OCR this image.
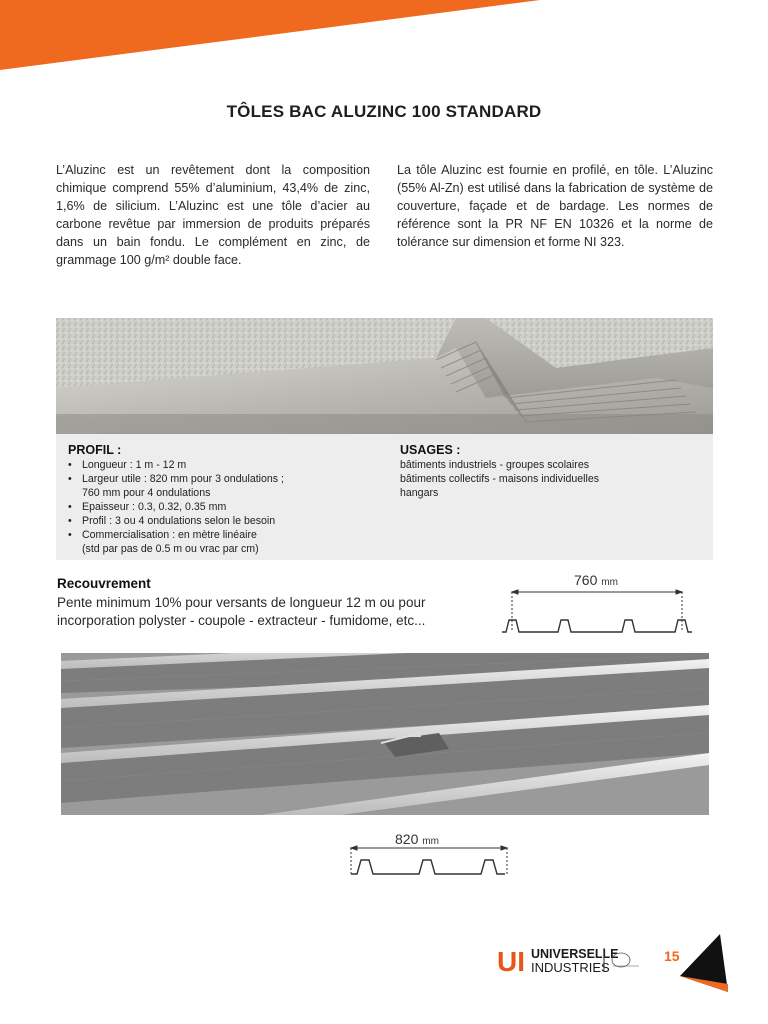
TÔLES BAC ALUZINC 100 STANDARD
L’Aluzinc est un revêtement dont la composition chimique comprend 55% d’aluminium, 43,4% de zinc, 1,6% de silicium. L’Aluzinc est une tôle d’acier au carbone revêtue par immersion de produits préparés dans un bain fondu. Le complément en zinc, de grammage 100 g/m² double face.
La tôle Aluzinc est fournie en profilé, en tôle. L’Aluzinc (55% Al-Zn) est utilisé dans la fabrication de système de couverture, façade et de bardage. Les normes de référence sont la PR NF EN 10326 et la norme de tolérance sur dimension et forme NI 323.
PROFIL :
• Longueur : 1 m - 12 m
• Largeur utile : 820 mm pour 3 ondulations ;
760 mm pour 4 ondulations
• Epaisseur : 0.3, 0.32, 0.35 mm
• Profil : 3 ou 4 ondulations selon le besoin
• Commercialisation : en mètre linéaire
(std par pas de 0.5 m ou vrac par cm)
USAGES :
bâtiments industriels - groupes scolaires
bâtiments collectifs - maisons individuelles
hangars
Recouvrement
Pente minimum 10% pour versants de longueur 12 m ou pour incorporation polyster - coupole - extracteur - fumidome, etc...
760 mm
820 mm
UI UNIVERSELLE
INDUSTRIES
15
